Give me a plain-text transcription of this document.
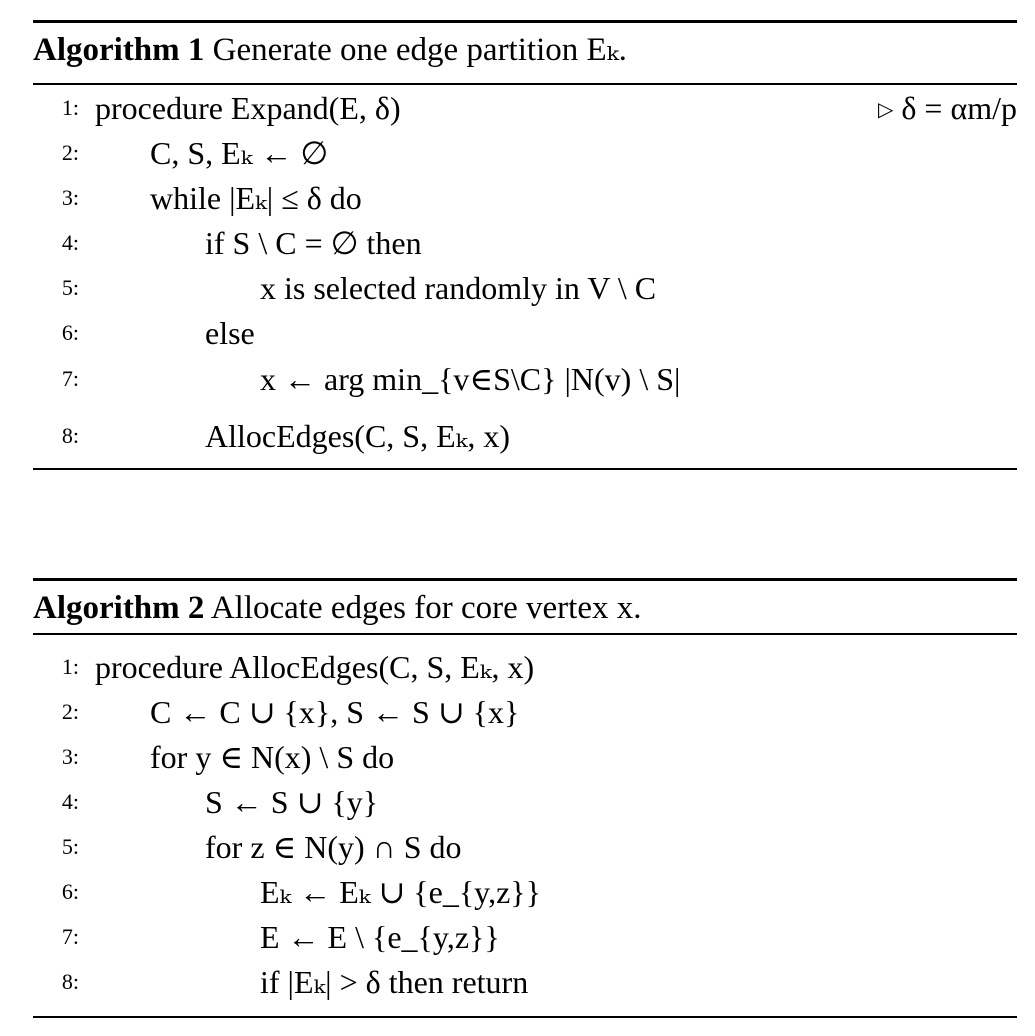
Algorithm 1 Generate one edge partition Eₖ.
1: procedure Expand(E, δ)	▷ δ = αm/p
2: C, S, Eₖ ← ∅
3: while |Eₖ| ≤ δ do
4:	if S \ C = ∅ then
5:	x is selected randomly in V \ C
6:	else
7:	x ← arg min_{v∈S\C} |N(v) \ S|
8:	AllocEdges(C, S, Eₖ, x)
Algorithm 2 Allocate edges for core vertex x.
1: procedure AllocEdges(C, S, Eₖ, x)
2: C ← C ∪ {x}, S ← S ∪ {x}
3: for y ∈ N(x) \ S do
4:	S ← S ∪ {y}
5:	for z ∈ N(y) ∩ S do
6:	Eₖ ← Eₖ ∪ {e_{y,z}}
7:	E ← E \ {e_{y,z}}
8:	if |Eₖ| > δ then return
